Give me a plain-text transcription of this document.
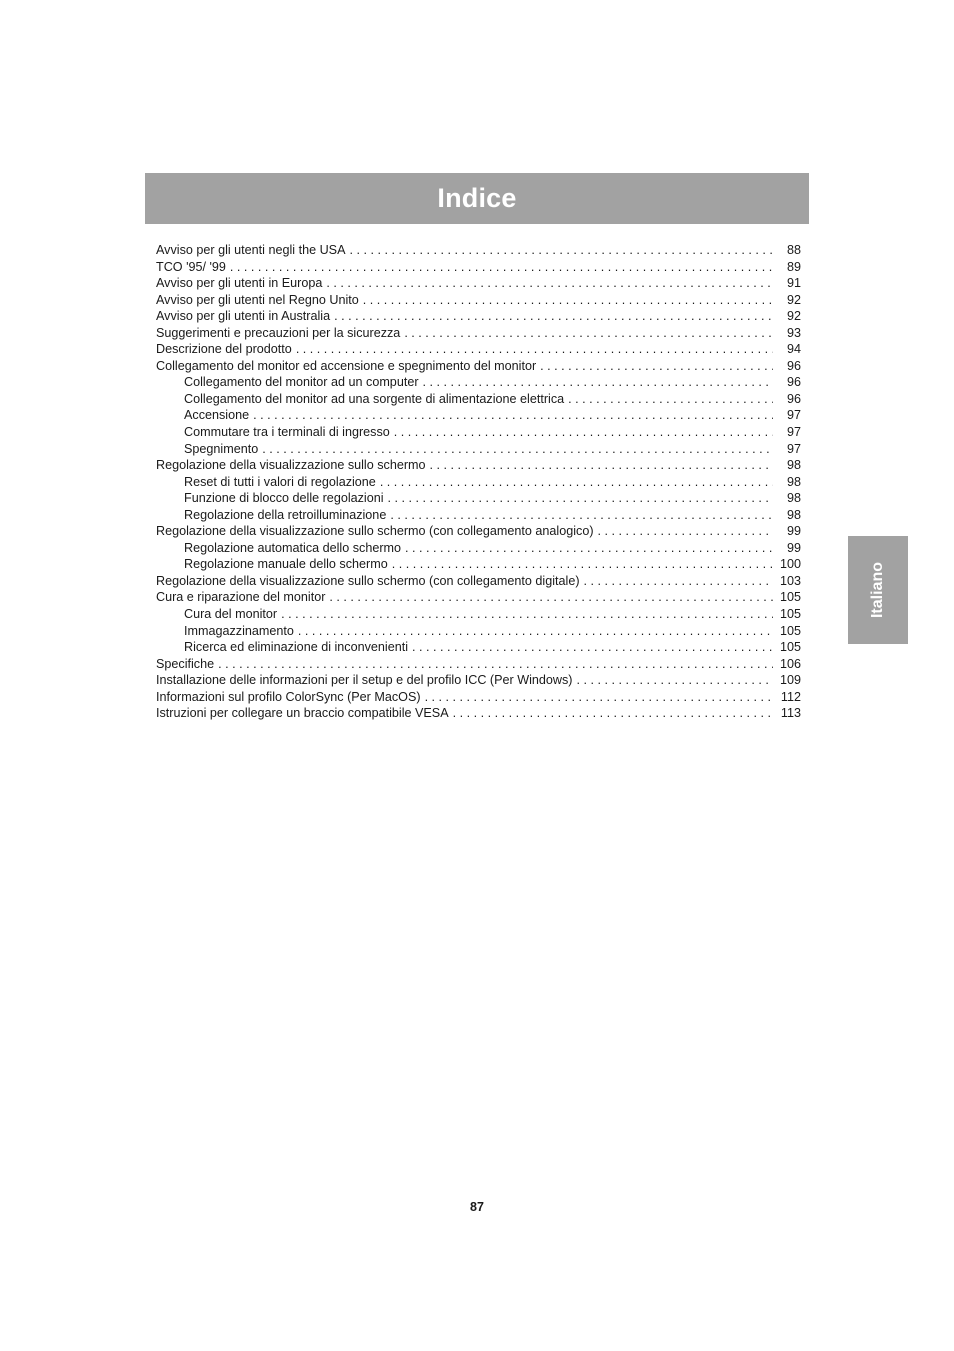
Indice
Avviso per gli utenti negli the USA . . .	88
TCO '95/ '99 . . .	89
Avviso per gli utenti in Europa . . .	91
Avviso per gli utenti nel Regno Unito . . .	92
Avviso per gli utenti in Australia . . .	92
Suggerimenti e precauzioni per la sicurezza . . .	93
Descrizione del prodotto . . .	94
Collegamento del monitor ed accensione e spegnimento del monitor . . .	96
Collegamento del monitor ad un computer . . .	96
Collegamento del monitor ad una sorgente di alimentazione elettrica . . .	96
Accensione . . .	97
Commutare tra i terminali di ingresso . . .	97
Spegnimento . . .	97
Regolazione della visualizzazione sullo schermo . . .	98
Reset di tutti i valori di regolazione . . .	98
Funzione di blocco delle regolazioni . . .	98
Regolazione della retroilluminazione . . .	98
Regolazione della visualizzazione sullo schermo (con collegamento analogico) . . .	99
Regolazione automatica dello schermo . . .	99
Regolazione manuale dello schermo . . .	100
Regolazione della visualizzazione sullo schermo (con collegamento digitale) . . .	103
Cura e riparazione del monitor . . .	105
Cura del monitor . . .	105
Immagazzinamento . . .	105
Ricerca ed eliminazione di inconvenienti . . .	105
Specifiche . . .	106
Installazione delle informazioni per il setup e del profilo ICC (Per Windows) . . .	109
Informazioni sul profilo ColorSync (Per MacOS) . . .	112
Istruzioni per collegare un braccio compatibile VESA . . .	113
Italiano
87
